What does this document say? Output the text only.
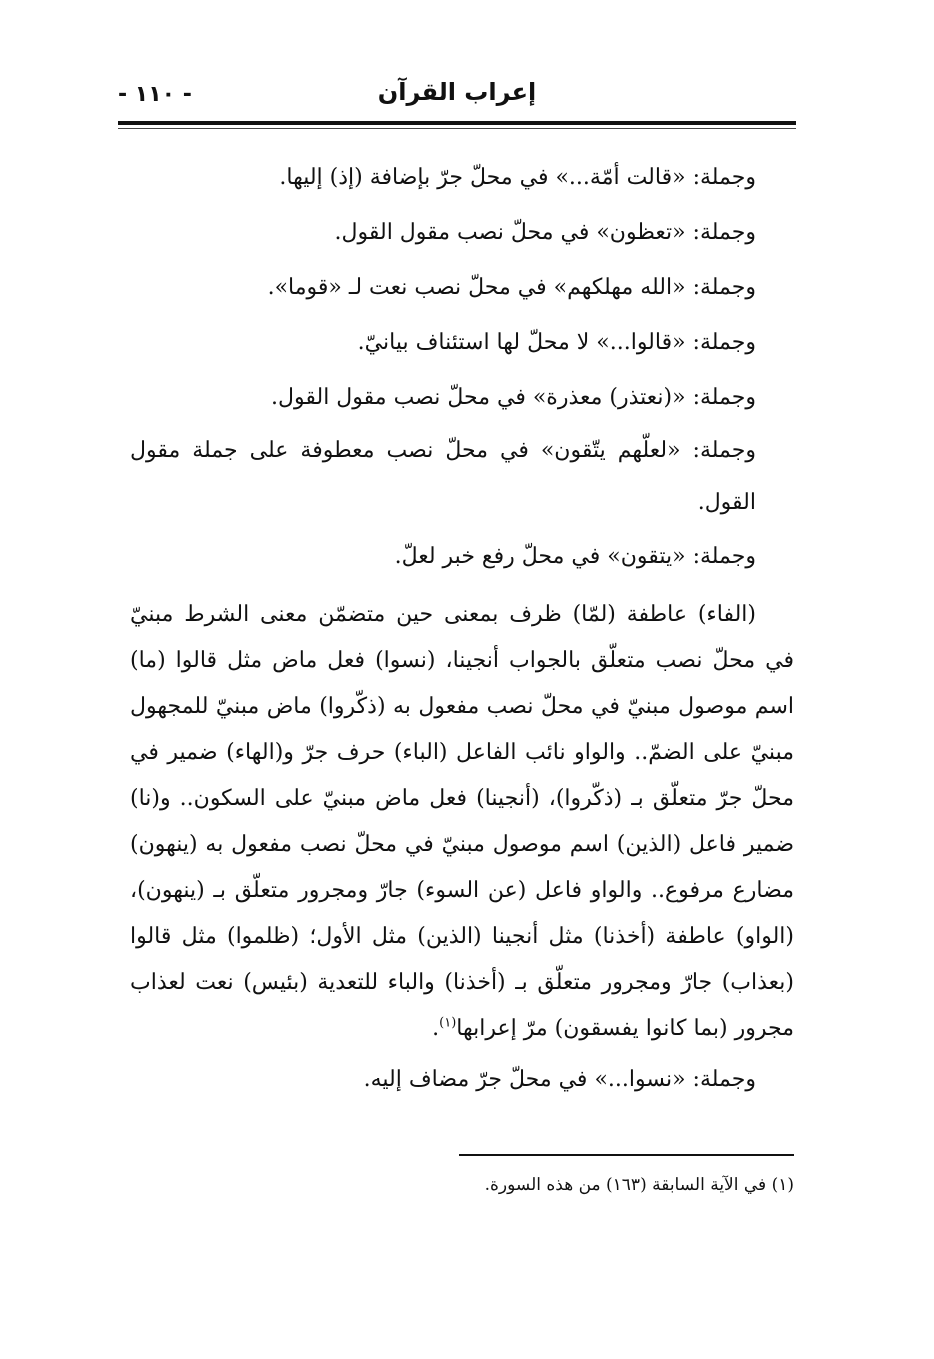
إعراب القرآن
- ١١٠ -

وجملة: «قالت أمّة...» في محلّ جرّ بإضافة (إذ) إليها.

وجملة: «تعظون» في محلّ نصب مقول القول.

وجملة: «الله مهلكهم» في محلّ نصب نعت لـ «قوما».

وجملة: «قالوا...» لا محلّ لها استئناف بيانيّ.

وجملة: «(نعتذر) معذرة» في محلّ نصب مقول القول.

وجملة: «لعلّهم يتّقون» في محلّ نصب معطوفة على جملة مقول القول.

وجملة: «يتقون» في محلّ رفع خبر لعلّ.

(الفاء) عاطفة (لمّا) ظرف بمعنى حين متضمّن معنى الشرط مبنيّ في محلّ نصب متعلّق بالجواب أنجينا، (نسوا) فعل ماض مثل قالوا (ما) اسم موصول مبنيّ في محلّ نصب مفعول به (ذكّروا) ماض مبنيّ للمجهول مبنيّ على الضمّ.. والواو نائب الفاعل (الباء) حرف جرّ و(الهاء) ضمير في محلّ جرّ متعلّق بـ (ذكّروا)، (أنجينا) فعل ماض مبنيّ على السكون.. و(نا) ضمير فاعل (الذين) اسم موصول مبنيّ في محلّ نصب مفعول به (ينهون) مضارع مرفوع.. والواو فاعل (عن السوء) جارّ ومجرور متعلّق بـ (ينهون)، (الواو) عاطفة (أخذنا) مثل أنجينا (الذين) مثل الأول؛ (ظلموا) مثل قالوا (بعذاب) جارّ ومجرور متعلّق بـ (أخذنا) والباء للتعدية (بئيس) نعت لعذاب مجرور (بما كانوا يفسقون) مرّ إعرابها$^{(١)}$.

وجملة: «نسوا...» في محلّ جرّ مضاف إليه.

(١) في الآية السابقة (١٦٣) من هذه السورة.
